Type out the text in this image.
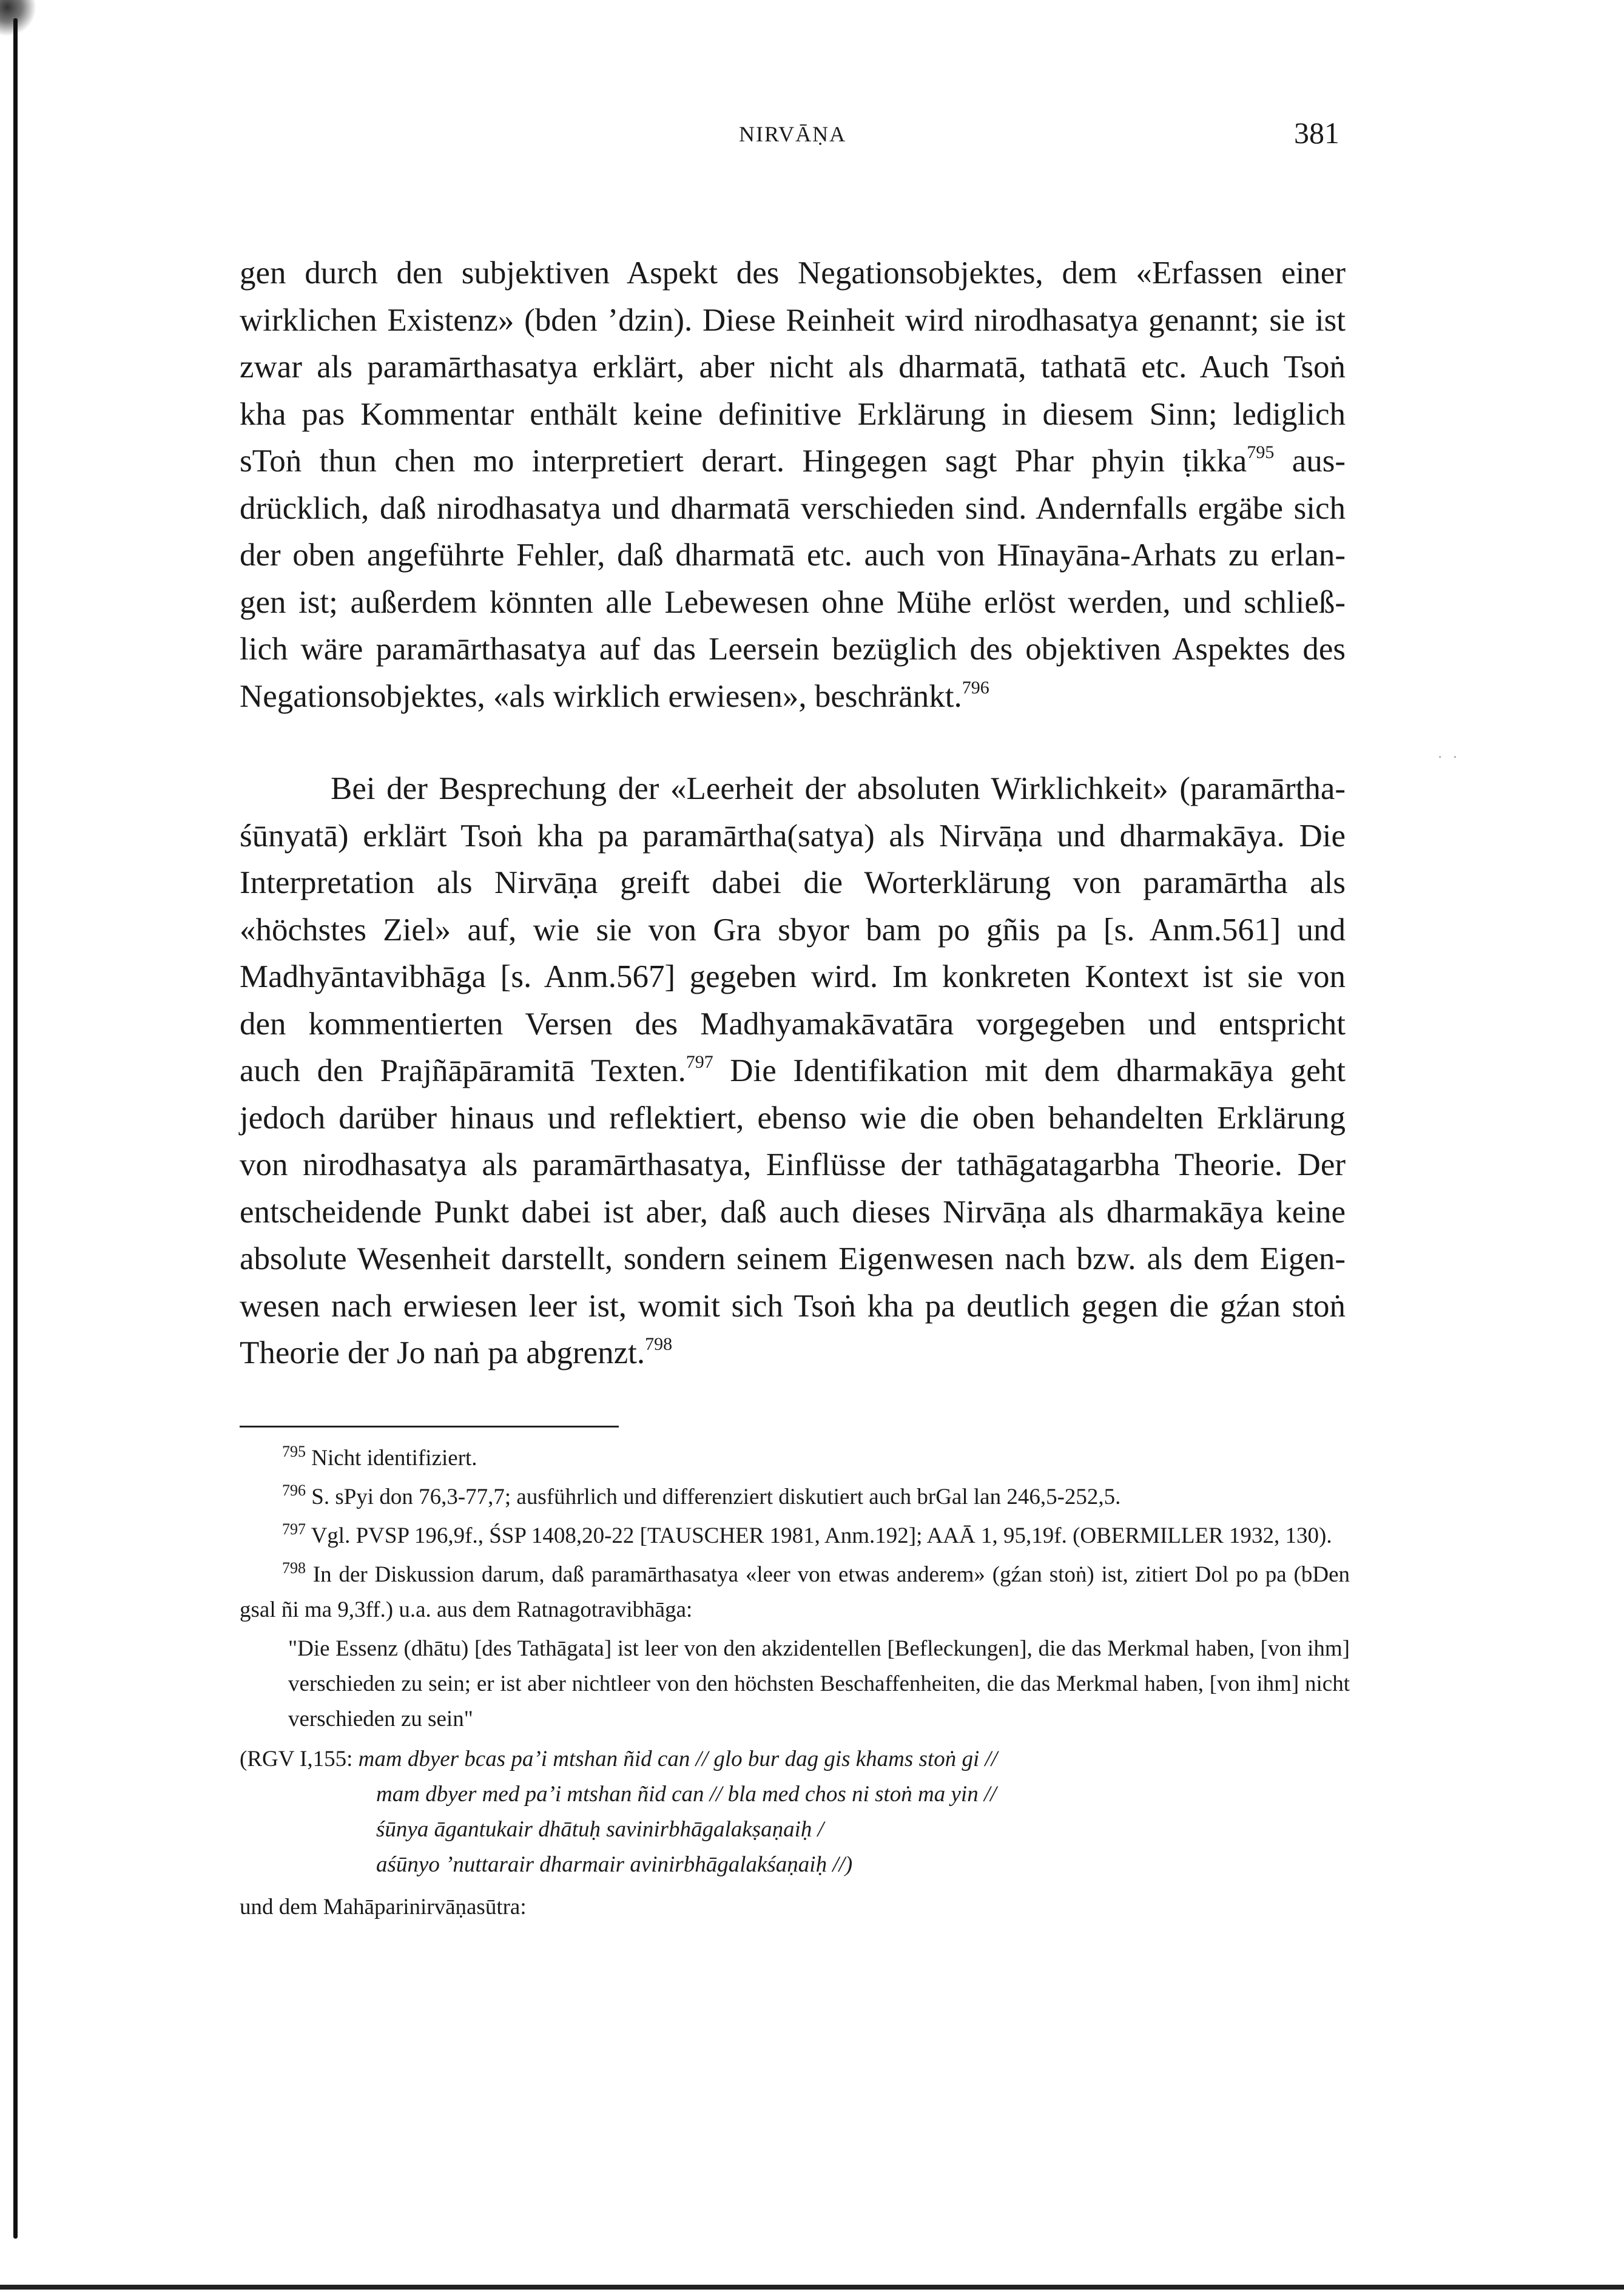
NIRVĀṆA	381
gen durch den subjektiven Aspekt des Negationsobjektes, dem «Erfassen einer
wirklichen Existenz» (bden ’dzin). Diese Reinheit wird nirodhasatya genannt; sie ist
zwar als paramārthasatya erklärt, aber nicht als dharmatā, tathatā etc. Auch Tsoṅ
kha pas Kommentar enthält keine definitive Erklärung in diesem Sinn; lediglich
sToṅ thun chen mo interpretiert derart. Hingegen sagt Phar phyin ṭikka$^{795}$ aus-
drücklich, daß nirodhasatya und dharmatā verschieden sind. Andernfalls ergäbe sich
der oben angeführte Fehler, daß dharmatā etc. auch von Hīnayāna-Arhats zu erlan-
gen ist; außerdem könnten alle Lebewesen ohne Mühe erlöst werden, und schließ-
lich wäre paramārthasatya auf das Leersein bezüglich des objektiven Aspektes des
Negationsobjektes, «als wirklich erwiesen», beschränkt.$^{796}$
· ·
Bei der Besprechung der «Leerheit der absoluten Wirklichkeit» (paramārtha-
śūnyatā) erklärt Tsoṅ kha pa paramārtha(satya) als Nirvāṇa und dharmakāya. Die
Interpretation als Nirvāṇa greift dabei die Worterklärung von paramārtha als
«höchstes Ziel» auf, wie sie von Gra sbyor bam po gñis pa [s. Anm.561] und
Madhyāntavibhāga [s. Anm.567] gegeben wird. Im konkreten Kontext ist sie von
den kommentierten Versen des Madhyamakāvatāra vorgegeben und entspricht
auch den Prajñāpāramitā Texten.$^{797}$ Die Identifikation mit dem dharmakāya geht
jedoch darüber hinaus und reflektiert, ebenso wie die oben behandelten Erklärung
von nirodhasatya als paramārthasatya, Einflüsse der tathāgatagarbha Theorie. Der
entscheidende Punkt dabei ist aber, daß auch dieses Nirvāṇa als dharmakāya keine
absolute Wesenheit darstellt, sondern seinem Eigenwesen nach bzw. als dem Eigen-
wesen nach erwiesen leer ist, womit sich Tsoṅ kha pa deutlich gegen die gźan stoṅ
Theorie der Jo naṅ pa abgrenzt.$^{798}$

$^{795}$ Nicht identifiziert.

$^{796}$ S. sPyi don 76,3-77,7; ausführlich und differenziert diskutiert auch brGal lan 246,5-252,5.

$^{797}$ Vgl. PVSP 196,9f., ŚSP 1408,20-22 [TAUSCHER 1981, Anm.192]; AAĀ 1, 95,19f. (OBERMILLER 1932, 130).

$^{798}$ In der Diskussion darum, daß paramārthasatya «leer von etwas anderem» (gźan stoṅ) ist, zitiert Dol po pa (bDen gsal ñi ma 9,3ff.) u.a. aus dem Ratnagotravibhāga:

"Die Essenz (dhātu) [des Tathāgata] ist leer von den akzidentellen [Befleckungen], die das Merkmal haben, [von ihm] verschieden zu sein; er ist aber nichtleer von den höchsten Beschaffenheiten, die das Merkmal haben, [von ihm] nicht verschieden zu sein"

(RGV I,155: mam dbyer bcas pa’i mtshan ñid can // glo bur dag gis khams stoṅ gi //
mam dbyer med pa’i mtshan ñid can // bla med chos ni stoṅ ma yin //
śūnya āgantukair dhātuḥ savinirbhāgalakṣaṇaiḥ /
aśūnyo ’nuttarair dharmair avinirbhāgalakśaṇaiḥ //)

und dem Mahāparinirvāṇasūtra:
